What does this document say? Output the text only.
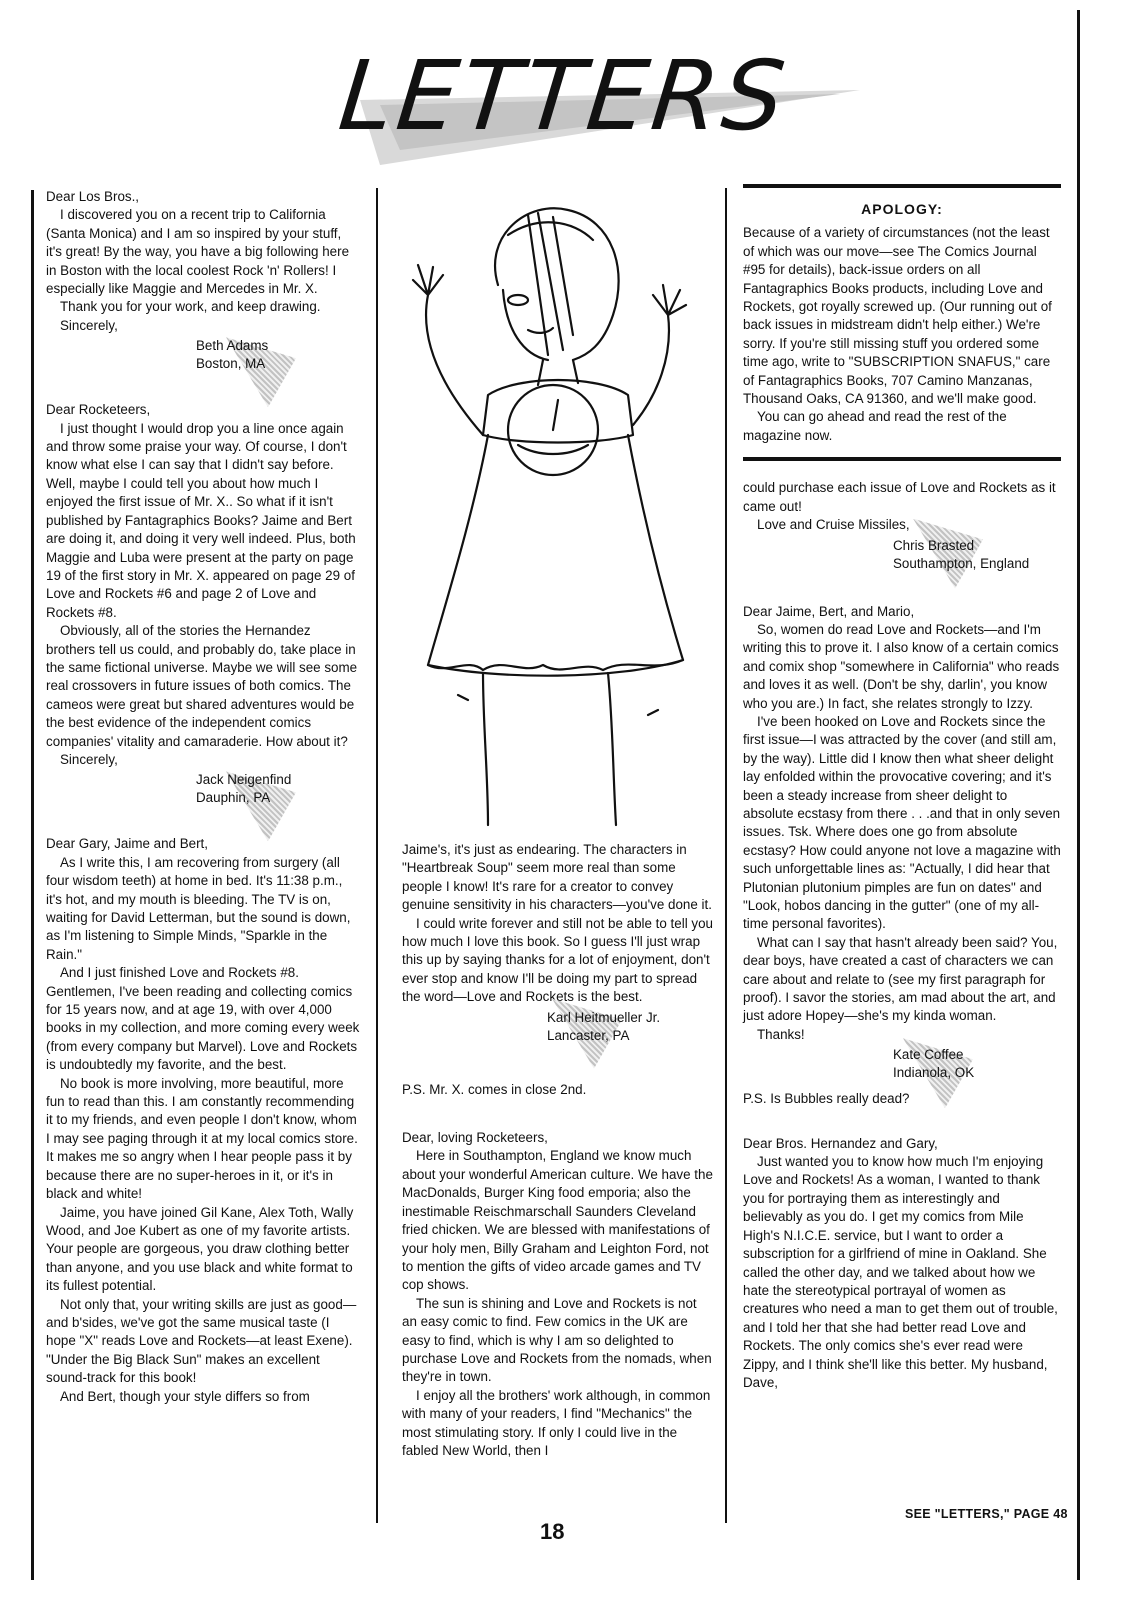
LETTERS

Dear Los Bros.,

I discovered you on a recent trip to California (Santa Monica) and I am so inspired by your stuff, it's great! By the way, you have a big following here in Boston with the local coolest Rock 'n' Rollers! I especially like Maggie and Mercedes in Mr. X.

Thank you for your work, and keep drawing.

Sincerely,

Beth Adams
Boston, MA

Dear Rocketeers,

I just thought I would drop you a line once again and throw some praise your way. Of course, I don't know what else I can say that I didn't say before. Well, maybe I could tell you about how much I enjoyed the first issue of Mr. X.. So what if it isn't published by Fantagraphics Books? Jaime and Bert are doing it, and doing it very well indeed. Plus, both Maggie and Luba were present at the party on page 19 of the first story in Mr. X. appeared on page 29 of Love and Rockets #6 and page 2 of Love and Rockets #8.

Obviously, all of the stories the Hernandez brothers tell us could, and probably do, take place in the same fictional universe. Maybe we will see some real crossovers in future issues of both comics. The cameos were great but shared adventures would be the best evidence of the independent comics companies' vitality and camaraderie. How about it?

Sincerely,

Jack Neigenfind
Dauphin, PA

Dear Gary, Jaime and Bert,

As I write this, I am recovering from surgery (all four wisdom teeth) at home in bed. It's 11:38 p.m., it's hot, and my mouth is bleeding. The TV is on, waiting for David Letterman, but the sound is down, as I'm listening to Simple Minds, "Sparkle in the Rain."

And I just finished Love and Rockets #8. Gentlemen, I've been reading and collecting comics for 15 years now, and at age 19, with over 4,000 books in my collection, and more coming every week (from every company but Marvel). Love and Rockets is undoubtedly my favorite, and the best.

No book is more involving, more beautiful, more fun to read than this. I am constantly recommending it to my friends, and even people I don't know, whom I may see paging through it at my local comics store. It makes me so angry when I hear people pass it by because there are no super-heroes in it, or it's in black and white!

Jaime, you have joined Gil Kane, Alex Toth, Wally Wood, and Joe Kubert as one of my favorite artists. Your people are gorgeous, you draw clothing better than anyone, and you use black and white format to its fullest potential.

Not only that, your writing skills are just as good—and b'sides, we've got the same musical taste (I hope "X" reads Love and Rockets—at least Exene). "Under the Big Black Sun" makes an excellent sound-track for this book!

And Bert, though your style differs so from

Jaime's, it's just as endearing. The characters in "Heartbreak Soup" seem more real than some people I know! It's rare for a creator to convey genuine sensitivity in his characters—you've done it.

I could write forever and still not be able to tell you how much I love this book. So I guess I'll just wrap this up by saying thanks for a lot of enjoyment, don't ever stop and know I'll be doing my part to spread the word—Love and Rockets is the best.

Karl Heitmueller Jr.
Lancaster, PA

P.S. Mr. X. comes in close 2nd.

Dear, loving Rocketeers,

Here in Southampton, England we know much about your wonderful American culture. We have the MacDonalds, Burger King food emporia; also the inestimable Reischmarschall Saunders Cleveland fried chicken. We are blessed with manifestations of your holy men, Billy Graham and Leighton Ford, not to mention the gifts of video arcade games and TV cop shows.

The sun is shining and Love and Rockets is not an easy comic to find. Few comics in the UK are easy to find, which is why I am so delighted to purchase Love and Rockets from the nomads, when they're in town.

I enjoy all the brothers' work although, in common with many of your readers, I find "Mechanics" the most stimulating story. If only I could live in the fabled New World, then I

APOLOGY:

Because of a variety of circumstances (not the least of which was our move—see The Comics Journal #95 for details), back-issue orders on all Fantagraphics Books products, including Love and Rockets, got royally screwed up. (Our running out of back issues in midstream didn't help either.) We're sorry. If you're still missing stuff you ordered some time ago, write to "SUBSCRIPTION SNAFUS," care of Fantagraphics Books, 707 Camino Manzanas, Thousand Oaks, CA 91360, and we'll make good.

You can go ahead and read the rest of the magazine now.

could purchase each issue of Love and Rockets as it came out!

Love and Cruise Missiles,

Chris Brasted
Southampton, England

Dear Jaime, Bert, and Mario,

So, women do read Love and Rockets—and I'm writing this to prove it. I also know of a certain comics and comix shop "somewhere in California" who reads and loves it as well. (Don't be shy, darlin', you know who you are.) In fact, she relates strongly to Izzy.

I've been hooked on Love and Rockets since the first issue—I was attracted by the cover (and still am, by the way). Little did I know then what sheer delight lay enfolded within the provocative covering; and it's been a steady increase from sheer delight to absolute ecstasy from there . . .and that in only seven issues. Tsk. Where does one go from absolute ecstasy? How could anyone not love a magazine with such unforgettable lines as: "Actually, I did hear that Plutonian plutonium pimples are fun on dates" and "Look, hobos dancing in the gutter" (one of my all-time personal favorites).

What can I say that hasn't already been said? You, dear boys, have created a cast of characters we can care about and relate to (see my first paragraph for proof). I savor the stories, am mad about the art, and just adore Hopey—she's my kinda woman.

Thanks!

Kate Coffee
Indianola, OK

P.S. Is Bubbles really dead?

Dear Bros. Hernandez and Gary,

Just wanted you to know how much I'm enjoying Love and Rockets! As a woman, I wanted to thank you for portraying them as interestingly and believably as you do. I get my comics from Mile High's N.I.C.E. service, but I want to order a subscription for a girlfriend of mine in Oakland. She called the other day, and we talked about how we hate the stereotypical portrayal of women as creatures who need a man to get them out of trouble, and I told her that she had better read Love and Rockets. The only comics she's ever read were Zippy, and I think she'll like this better. My husband, Dave,

18
SEE "LETTERS," PAGE 48
